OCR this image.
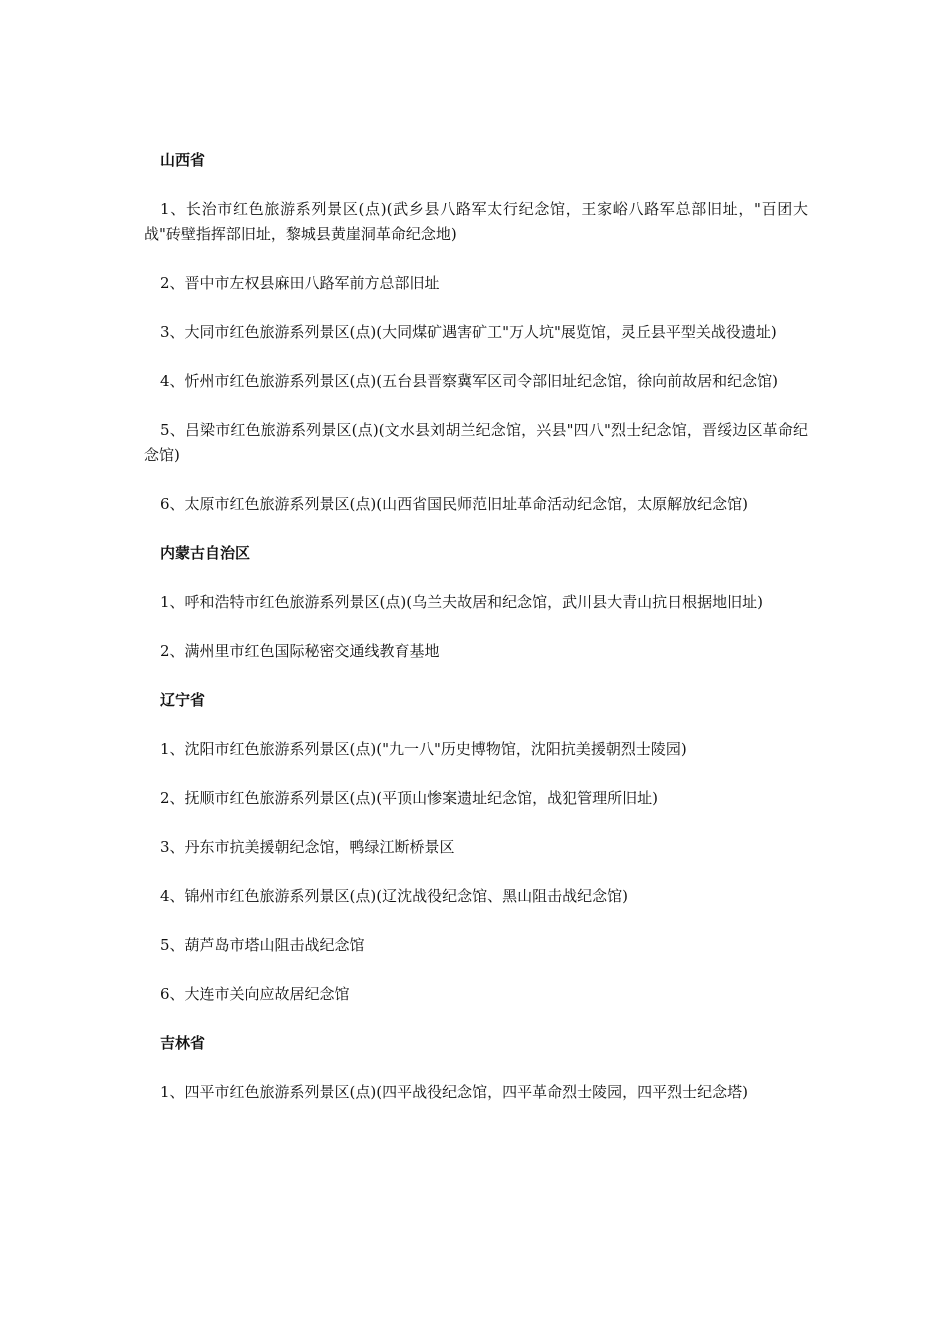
山西省

1、长治市红色旅游系列景区(点)(武乡县八路军太行纪念馆，王家峪八路军总部旧址，"百团大战"砖壁指挥部旧址，黎城县黄崖洞革命纪念地)

2、晋中市左权县麻田八路军前方总部旧址

3、大同市红色旅游系列景区(点)(大同煤矿遇害矿工"万人坑"展览馆，灵丘县平型关战役遗址)

4、忻州市红色旅游系列景区(点)(五台县晋察冀军区司令部旧址纪念馆，徐向前故居和纪念馆)

5、吕梁市红色旅游系列景区(点)(文水县刘胡兰纪念馆，兴县"四八"烈士纪念馆，晋绥边区革命纪念馆)

6、太原市红色旅游系列景区(点)(山西省国民师范旧址革命活动纪念馆，太原解放纪念馆)

内蒙古自治区

1、呼和浩特市红色旅游系列景区(点)(乌兰夫故居和纪念馆，武川县大青山抗日根据地旧址)

2、满州里市红色国际秘密交通线教育基地

辽宁省

1、沈阳市红色旅游系列景区(点)("九一八"历史博物馆，沈阳抗美援朝烈士陵园)

2、抚顺市红色旅游系列景区(点)(平顶山惨案遗址纪念馆，战犯管理所旧址)

3、丹东市抗美援朝纪念馆，鸭绿江断桥景区

4、锦州市红色旅游系列景区(点)(辽沈战役纪念馆、黑山阻击战纪念馆)

5、葫芦岛市塔山阻击战纪念馆

6、大连市关向应故居纪念馆

吉林省

1、四平市红色旅游系列景区(点)(四平战役纪念馆，四平革命烈士陵园，四平烈士纪念塔)
